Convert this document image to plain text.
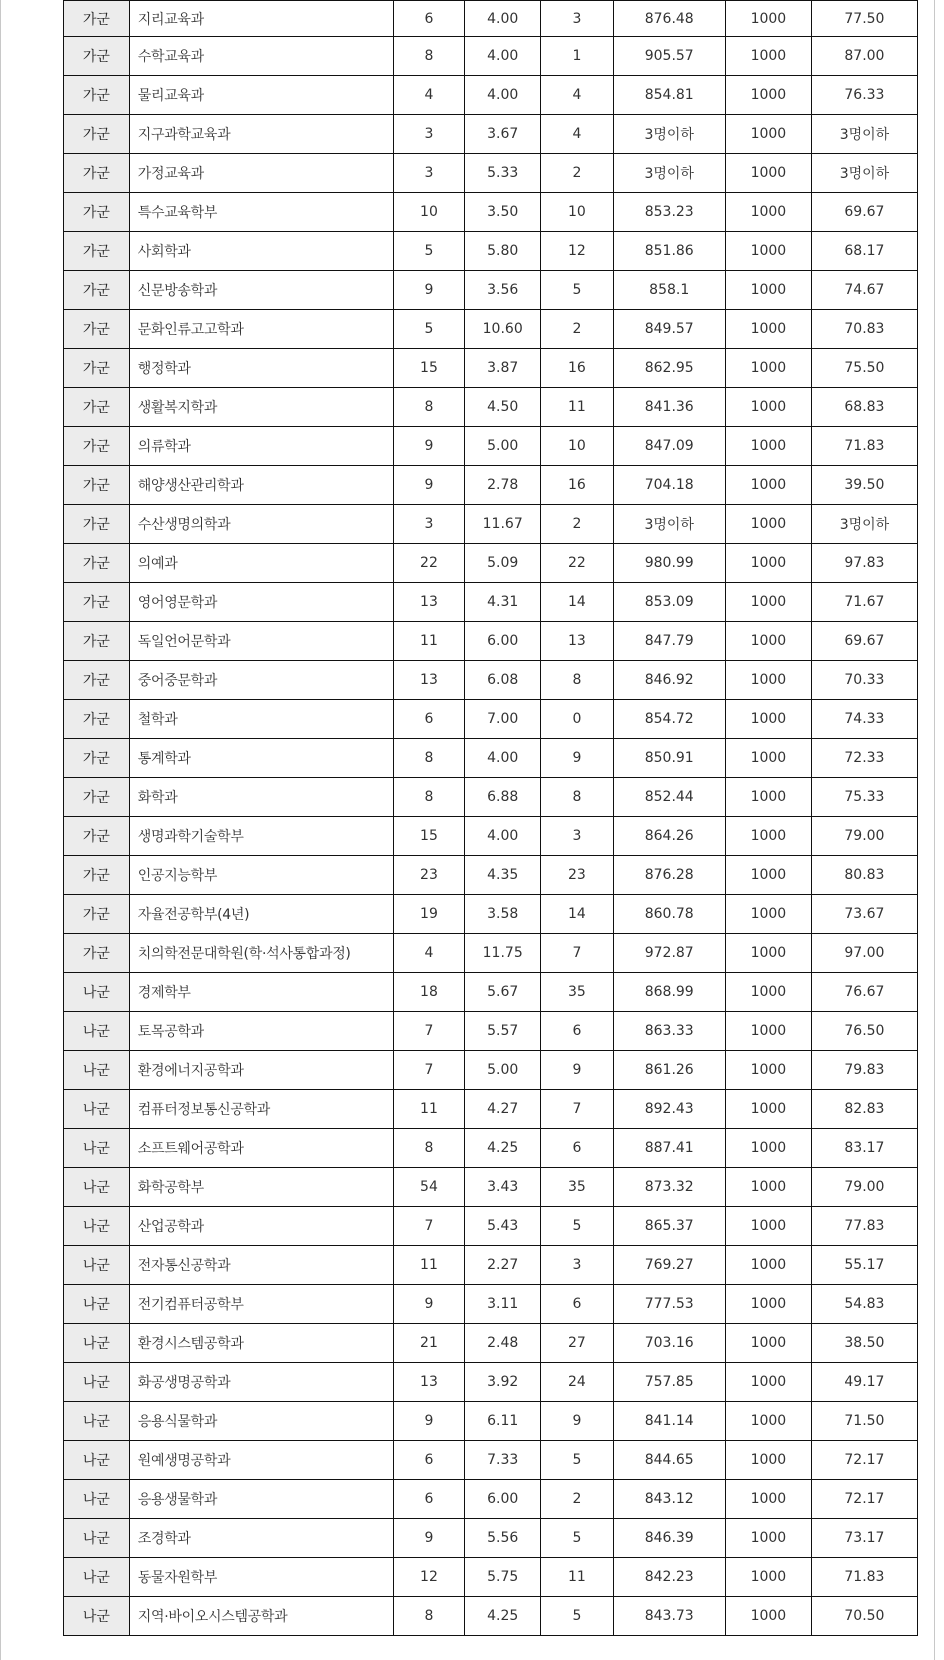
가군	지리교육과	6	4.00	3	876.48	1000	77.50
가군	수학교육과	8	4.00	1	905.57	1000	87.00
가군	물리교육과	4	4.00	4	854.81	1000	76.33
가군	지구과학교육과	3	3.67	4	3명이하	1000	3명이하
가군	가정교육과	3	5.33	2	3명이하	1000	3명이하
가군	특수교육학부	10	3.50	10	853.23	1000	69.67
가군	사회학과	5	5.80	12	851.86	1000	68.17
가군	신문방송학과	9	3.56	5	858.1	1000	74.67
가군	문화인류고고학과	5	10.60	2	849.57	1000	70.83
가군	행정학과	15	3.87	16	862.95	1000	75.50
가군	생활복지학과	8	4.50	11	841.36	1000	68.83
가군	의류학과	9	5.00	10	847.09	1000	71.83
가군	해양생산관리학과	9	2.78	16	704.18	1000	39.50
가군	수산생명의학과	3	11.67	2	3명이하	1000	3명이하
가군	의예과	22	5.09	22	980.99	1000	97.83
가군	영어영문학과	13	4.31	14	853.09	1000	71.67
가군	독일언어문학과	11	6.00	13	847.79	1000	69.67
가군	중어중문학과	13	6.08	8	846.92	1000	70.33
가군	철학과	6	7.00	0	854.72	1000	74.33
가군	통계학과	8	4.00	9	850.91	1000	72.33
가군	화학과	8	6.88	8	852.44	1000	75.33
가군	생명과학기술학부	15	4.00	3	864.26	1000	79.00
가군	인공지능학부	23	4.35	23	876.28	1000	80.83
가군	자율전공학부(4년)	19	3.58	14	860.78	1000	73.67
가군	치의학전문대학원(학·석사통합과정)	4	11.75	7	972.87	1000	97.00
나군	경제학부	18	5.67	35	868.99	1000	76.67
나군	토목공학과	7	5.57	6	863.33	1000	76.50
나군	환경에너지공학과	7	5.00	9	861.26	1000	79.83
나군	컴퓨터정보통신공학과	11	4.27	7	892.43	1000	82.83
나군	소프트웨어공학과	8	4.25	6	887.41	1000	83.17
나군	화학공학부	54	3.43	35	873.32	1000	79.00
나군	산업공학과	7	5.43	5	865.37	1000	77.83
나군	전자통신공학과	11	2.27	3	769.27	1000	55.17
나군	전기컴퓨터공학부	9	3.11	6	777.53	1000	54.83
나군	환경시스템공학과	21	2.48	27	703.16	1000	38.50
나군	화공생명공학과	13	3.92	24	757.85	1000	49.17
나군	응용식물학과	9	6.11	9	841.14	1000	71.50
나군	원예생명공학과	6	7.33	5	844.65	1000	72.17
나군	응용생물학과	6	6.00	2	843.12	1000	72.17
나군	조경학과	9	5.56	5	846.39	1000	73.17
나군	동물자원학부	12	5.75	11	842.23	1000	71.83
나군	지역·바이오시스템공학과	8	4.25	5	843.73	1000	70.50
